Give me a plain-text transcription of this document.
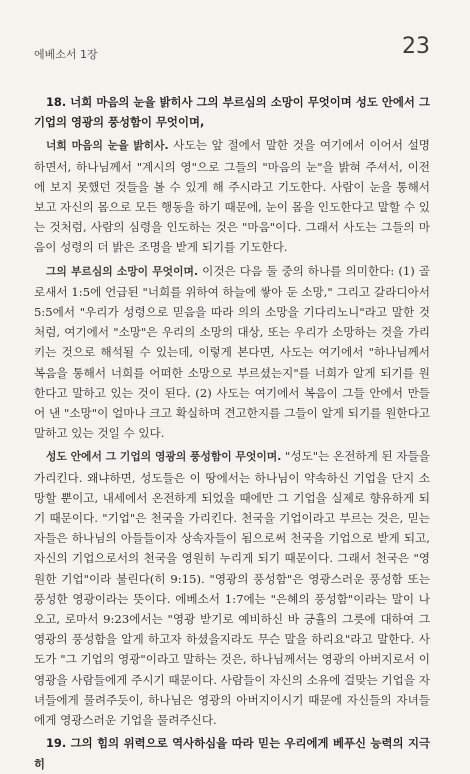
에베소서 1장	23

18. 너희 마음의 눈을 밝히사 그의 부르심의 소망이 무엇이며 성도 안에서 그 기업의 영광의 풍성함이 무엇이며,

너희 마음의 눈을 밝히사. 사도는 앞 절에서 말한 것을 여기에서 이어서 설명하면서, 하나님께서 "계시의 영"으로 그들의 "마음의 눈"을 밝혀 주셔서, 이전에 보지 못했던 것들을 볼 수 있게 해 주시라고 기도한다. 사람이 눈을 통해서 보고 자신의 몸으로 모든 행동을 하기 때문에, 눈이 몸을 인도한다고 말할 수 있는 것처럼, 사람의 심령을 인도하는 것은 "마음"이다. 그래서 사도는 그들의 마음이 성령의 더 밝은 조명을 받게 되기를 기도한다.

그의 부르심의 소망이 무엇이며. 이것은 다음 둘 중의 하나를 의미한다: (1) 골로새서 1:5에 언급된 "너희를 위하여 하늘에 쌓아 둔 소망," 그리고 갈라디아서 5:5에서 "우리가 성령으로 믿음을 따라 의의 소망을 기다리노니"라고 말한 것처럼, 여기에서 "소망"은 우리의 소망의 대상, 또는 우리가 소망하는 것을 가리키는 것으로 해석될 수 있는데, 이렇게 본다면, 사도는 여기에서 "하나님께서 복음을 통해서 너희를 어떠한 소망으로 부르셨는지"를 너희가 알게 되기를 원한다고 말하고 있는 것이 된다. (2) 사도는 여기에서 복음이 그들 안에서 만들어 낸 "소망"이 얼마나 크고 확실하며 견고한지를 그들이 알게 되기를 원한다고 말하고 있는 것일 수 있다.

성도 안에서 그 기업의 영광의 풍성함이 무엇이며. "성도"는 온전하게 된 자들을 가리킨다. 왜냐하면, 성도들은 이 땅에서는 하나님이 약속하신 기업을 단지 소망할 뿐이고, 내세에서 온전하게 되었을 때에만 그 기업을 실제로 향유하게 되기 때문이다. "기업"은 천국을 가리킨다. 천국을 기업이라고 부르는 것은, 믿는 자들은 하나님의 아들들이자 상속자들이 됨으로써 천국을 기업으로 받게 되고, 자신의 기업으로서의 천국을 영원히 누리게 되기 때문이다. 그래서 천국은 "영원한 기업"이라 불린다(히 9:15). "영광의 풍성함"은 영광스러운 풍성함 또는 풍성한 영광이라는 뜻이다. 에베소서 1:7에는 "은혜의 풍성함"이라는 말이 나오고, 로마서 9:23에서는 "영광 받기로 예비하신 바 긍휼의 그릇에 대하여 그 영광의 풍성함을 알게 하고자 하셨을지라도 무슨 말을 하리요"라고 말한다. 사도가 "그 기업의 영광"이라고 말하는 것은, 하나님께서는 영광의 아버지로서 이 영광을 사람들에게 주시기 때문이다. 사람들이 자신의 소유에 걸맞는 기업을 자녀들에게 물려주듯이, 하나님은 영광의 아버지이시기 때문에 자신들의 자녀들에게 영광스러운 기업을 물려주신다.

19. 그의 힘의 위력으로 역사하심을 따라 믿는 우리에게 베푸신 능력의 지극히
